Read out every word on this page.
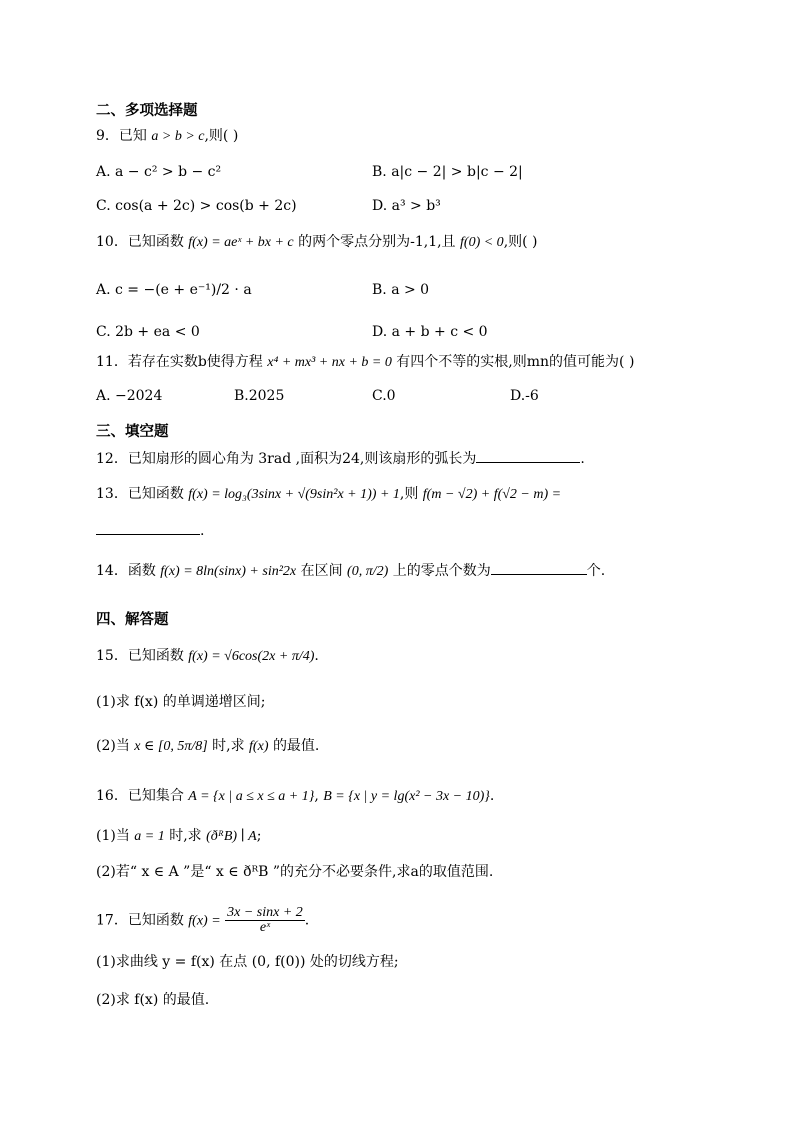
二、多项选择题
9．已知 a > b > c,则( )
A. a − c² > b − c²	B. a|c − 2| > b|c − 2|
C. cos(a + 2c) > cos(b + 2c)	D. a³ > b³
10．已知函数 f(x) = aeˣ + bx + c 的两个零点分别为-1,1,且 f(0) < 0,则( )
A. c = −(e + e⁻¹)/2 · a	B. a > 0
C. 2b + ea < 0	D. a + b + c < 0
11．若存在实数b使得方程 x⁴ + mx³ + nx + b = 0 有四个不等的实根,则mn的值可能为( )
A. −2024	B.2025	C.0	D.-6
三、填空题
12．已知扇形的圆心角为 3rad ,面积为24,则该扇形的弧长为	.
13．已知函数 f(x) = log₃(3sinx + √(9sin²x + 1)) + 1,则 f(m − √2) + f(√2 − m) =
.
14．函数 f(x) = 8ln(sinx) + sin²2x 在区间 (0, π/2) 上的零点个数为	个.
四、解答题
15．已知函数 f(x) = √6cos(2x + π/4).
(1)求 f(x) 的单调递增区间;
(2)当 x ∈ [0, 5π/8] 时,求 f(x) 的最值.
16．已知集合 A = {x | a ≤ x ≤ a + 1}, B = {x | y = lg(x² − 3x − 10)}.
(1)当 a = 1 时,求 (ðᴿB) ∣ A;
(2)若“ x ∈ A ”是“ x ∈ ðᴿB ”的充分不必要条件,求a的取值范围.
17．已知函数 $f(x) = \frac{3x - \sin x + 2}{\text{eˣ}}$ .
(1)求曲线 y = f(x) 在点 (0, f(0)) 处的切线方程;
(2)求 f(x) 的最值.
